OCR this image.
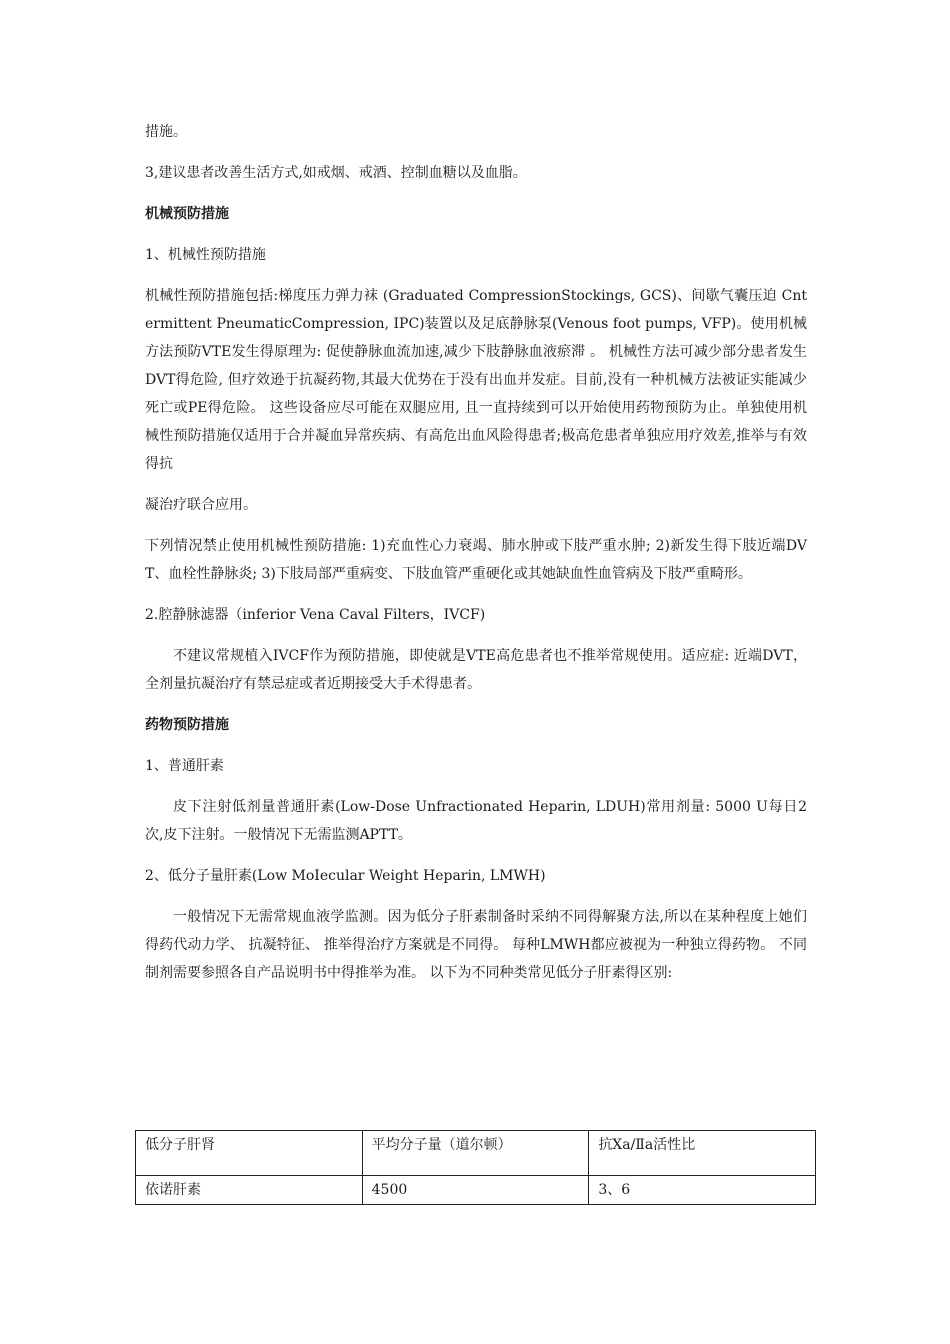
措施。

3,建议患者改善生活方式,如戒烟、戒酒、控制血糖以及血脂。

机械预防措施

1、机械性预防措施

机械性预防措施包括:梯度压力弹力袜 (Graduated CompressionStockings, GCS)、间歇气囊压迫 Cntermittent PneumaticCompression, IPC)装置以及足底静脉泵(Venous foot pumps, VFP)。使用机械方法预防VTE发生得原理为: 促使静脉血流加速,减少下肢静脉血液瘀滞 。 机械性方法可减少部分患者发生 DVT得危险, 但疗效逊于抗凝药物,其最大优势在于没有出血并发症。目前,没有一种机械方法被证实能减少死亡或PE得危险。 这些设备应尽可能在双腿应用, 且一直持续到可以开始使用药物预防为止。单独使用机械性预防措施仅适用于合并凝血异常疾病、有高危出血风险得患者;极高危患者单独应用疗效差,推举与有效得抗

凝治疗联合应用。

下列情况禁止使用机械性预防措施: 1)充血性心力衰竭、肺水肿或下肢严重水肿; 2)新发生得下肢近端DVT、血栓性静脉炎; 3)下肢局部严重病变、下肢血管严重硬化或其她缺血性血管病及下肢严重畸形。

2.腔静脉滤器（inferior Vena Caval Filters，IVCF)

不建议常规植入IVCF作为预防措施，即使就是VTE高危患者也不推举常规使用。适应症: 近端DVT，全剂量抗凝治疗有禁忌症或者近期接受大手术得患者。

药物预防措施

1、普通肝素

皮下注射低剂量普通肝素(Low-Dose Unfractionated Heparin, LDUH)常用剂量: 5000 U每日2次,皮下注射。一般情况下无需监测APTT。

2、低分子量肝素(Low MoIecular Weight Heparin, LMWH)

一般情况下无需常规血液学监测。因为低分子肝素制备时采纳不同得解聚方法,所以在某种程度上她们得药代动力学、 抗凝特征、 推举得治疗方案就是不同得。 每种LMWH都应被视为一种独立得药物。 不同制剂需要参照各自产品说明书中得推举为准。 以下为不同种类常见低分子肝素得区别:

低分子肝肾	平均分子量（道尔顿）	抗Xa/Ⅱa活性比
依诺肝素	4500	3、6
